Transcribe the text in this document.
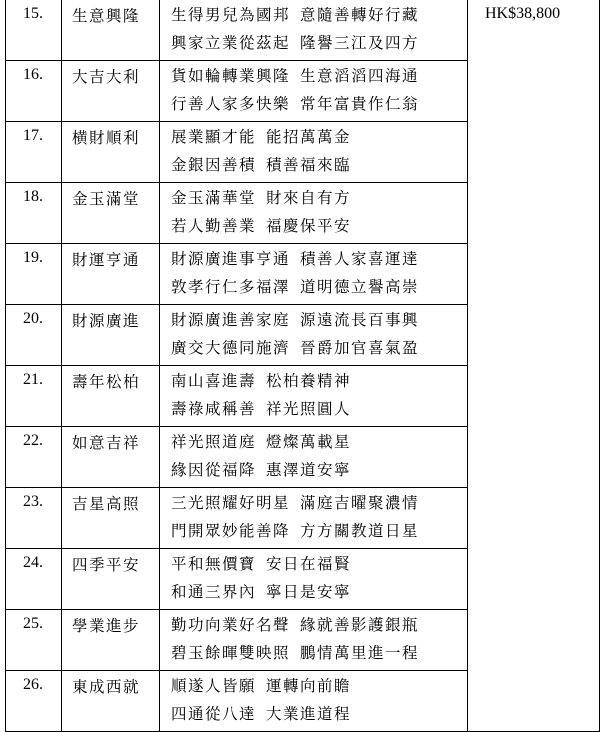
15.	生意興隆	生得男兒為國邦 意隨善轉好行藏
興家立業從茲起 隆譽三江及四方	HK$38,800
16.	大吉大利	貨如輪轉業興隆 生意滔滔四海通
行善人家多快樂 常年富貴作仁翁	

17.	横財順利	展業顯才能 能招萬萬金
金銀因善積 積善福來臨	

18.	金玉滿堂	金玉滿華堂 財來自有方
若人勤善業 福慶保平安	

19.	財運亨通	財源廣進事亨通 積善人家喜運達
敦孝行仁多福澤 道明德立譽高崇	

20.	財源廣進	財源廣進善家庭 源遠流長百事興
廣交大德同施濟 晉爵加官喜氣盈	

21.	壽年松柏	南山喜進壽 松柏養精神
壽祿咸稱善 祥光照圓人	

22.	如意吉祥	祥光照道庭 燈燦萬載星
緣因從福降 惠澤道安寧	

23.	吉星高照	三光照耀好明星 滿庭吉曜聚濃情
門開眾妙能善降 方方關教道日星	

24.	四季平安	平和無價寶 安日在福賢
和通三界內 寧日是安寧	

25.	學業進步	勤功向業好名聲 緣就善影護銀瓶
碧玉餘暉雙映照 鵬情萬里進一程	

26.	東成西就	順遂人皆願 運轉向前瞻
四通從八達 大業進道程	
